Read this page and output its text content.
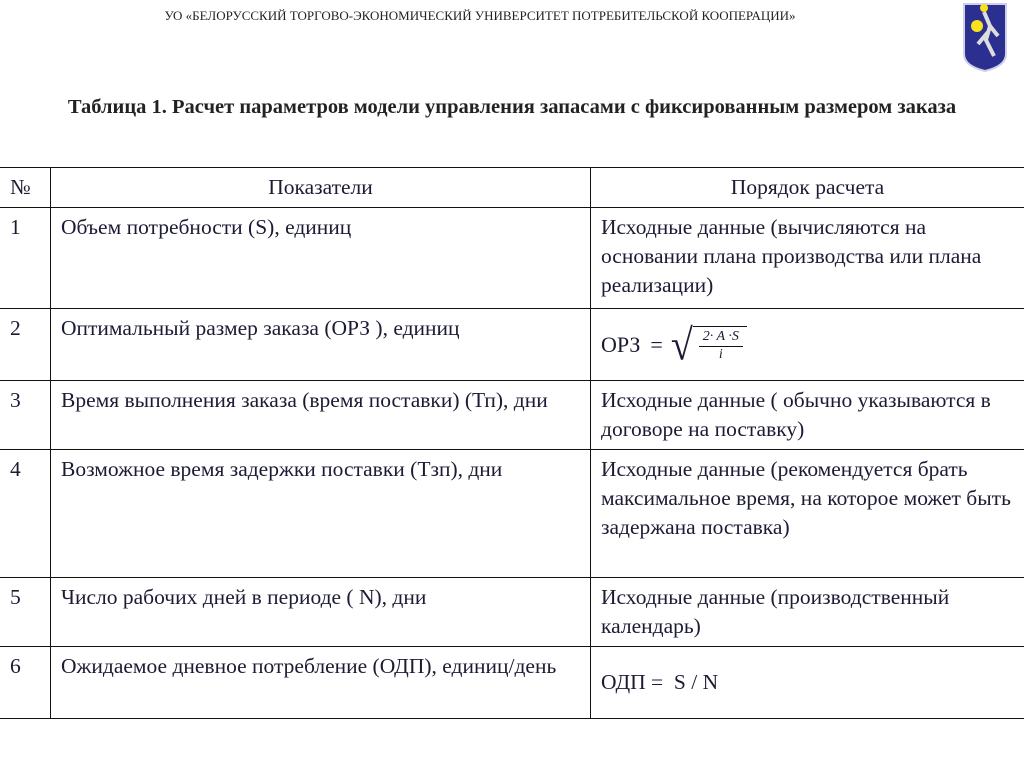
УО «БЕЛОРУССКИЙ ТОРГОВО-ЭКОНОМИЧЕСКИЙ УНИВЕРСИТЕТ ПОТРЕБИТЕЛЬСКОЙ КООПЕРАЦИИ»
Таблица 1. Расчет параметров модели управления запасами с фиксированным размером заказа
№	Показатели	Порядок расчета
1	Объем потребности (S), единиц	Исходные данные (вычисляются на основании плана производства или плана реализации)
2	Оптимальный размер заказа (ОРЗ ), единиц	ОРЗ = √ $\frac{2\cdot A \cdot S}{i}$

3	Время выполнения заказа (время поставки) (Тп), дни	Исходные данные ( обычно указываются в договоре на поставку)
4	Возможное время задержки поставки (Тзп), дни	Исходные данные (рекомендуется брать максимальное время, на которое может быть задержана поставка)
5	Число рабочих дней в периоде ( N), дни	Исходные данные (производственный календарь)
6	Ожидаемое дневное потребление (ОДП), единиц/день	ОДП =  S / N
